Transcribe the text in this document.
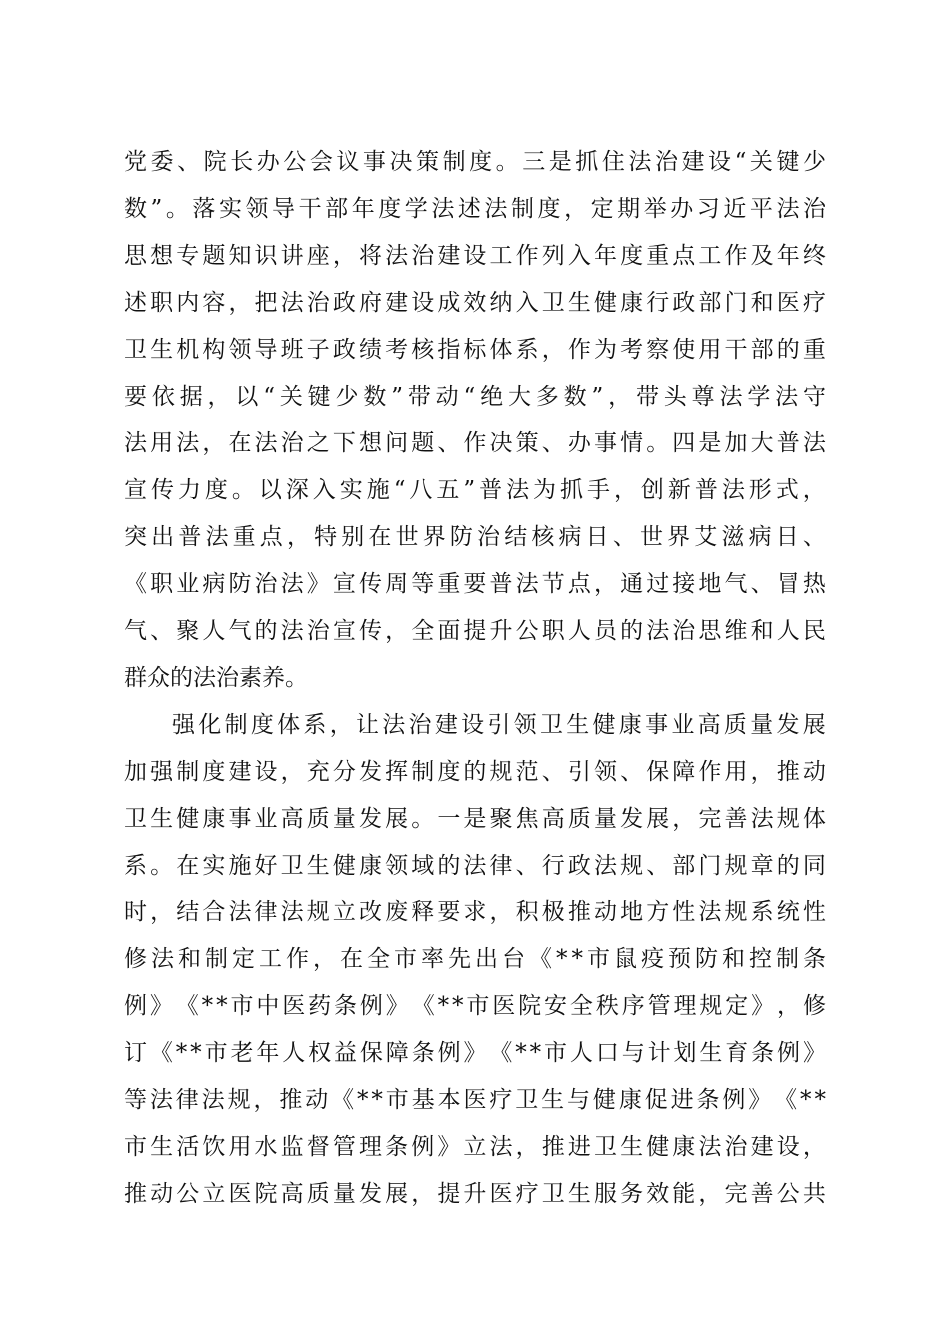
党 委 、 院 长 办 公 会 议 事 决 策 制 度 。 三 是 抓 住 法 治 建 设 “ 关 键 少
数 ” 。 落 实 领 导 干 部 年 度 学 法 述 法 制 度 ， 定 期 举 办 习 近 平 法 治
思 想 专 题 知 识 讲 座 ， 将 法 治 建 设 工 作 列 入 年 度 重 点 工 作 及 年 终
述 职 内 容 ， 把 法 治 政 府 建 设 成 效 纳 入 卫 生 健 康 行 政 部 门 和 医 疗
卫 生 机 构 领 导 班 子 政 绩 考 核 指 标 体 系 ， 作 为 考 察 使 用 干 部 的 重
要 依 据 ， 以 “ 关 键 少 数 ” 带 动 “ 绝 大 多 数 ” ， 带 头 尊 法 学 法 守
法 用 法 ， 在 法 治 之 下 想 问 题 、 作 决 策 、 办 事 情 。 四 是 加 大 普 法
宣 传 力 度 。 以 深 入 实 施 “ 八 五 ” 普 法 为 抓 手 ， 创 新 普 法 形 式 ，
突 出 普 法 重 点 ， 特 别 在 世 界 防 治 结 核 病 日 、 世 界 艾 滋 病 日 、
《 职 业 病 防 治 法 》 宣 传 周 等 重 要 普 法 节 点 ， 通 过 接 地 气 、 冒 热
气 、 聚 人 气 的 法 治 宣 传 ， 全 面 提 升 公 职 人 员 的 法 治 思 维 和 人 民
群众的法治素养。
强 化 制 度 体 系 ， 让 法 治 建 设 引 领 卫 生 健 康 事 业 高 质 量 发 展
加 强 制 度 建 设 ， 充 分 发 挥 制 度 的 规 范 、 引 领 、 保 障 作 用 ， 推 动
卫 生 健 康 事 业 高 质 量 发 展 。 一 是 聚 焦 高 质 量 发 展 ， 完 善 法 规 体
系 。 在 实 施 好 卫 生 健 康 领 域 的 法 律 、 行 政 法 规 、 部 门 规 章 的 同
时 ， 结 合 法 律 法 规 立 改 废 释 要 求 ， 积 极 推 动 地 方 性 法 规 系 统 性
修 法 和 制 定 工 作 ， 在 全 市 率 先 出 台 《 * * 市 鼠 疫 预 防 和 控 制 条
例 》 《 * * 市 中 医 药 条 例 》 《 * * 市 医 院 安 全 秩 序 管 理 规 定 》 ， 修
订 《 * * 市 老 年 人 权 益 保 障 条 例 》 《 * * 市 人 口 与 计 划 生 育 条 例 》
等 法 律 法 规 ， 推 动 《 * * 市 基 本 医 疗 卫 生 与 健 康 促 进 条 例 》 《 * *
市 生 活 饮 用 水 监 督 管 理 条 例 》 立 法 ， 推 进 卫 生 健 康 法 治 建 设 ，
推 动 公 立 医 院 高 质 量 发 展 ， 提 升 医 疗 卫 生 服 务 效 能 ， 完 善 公 共
